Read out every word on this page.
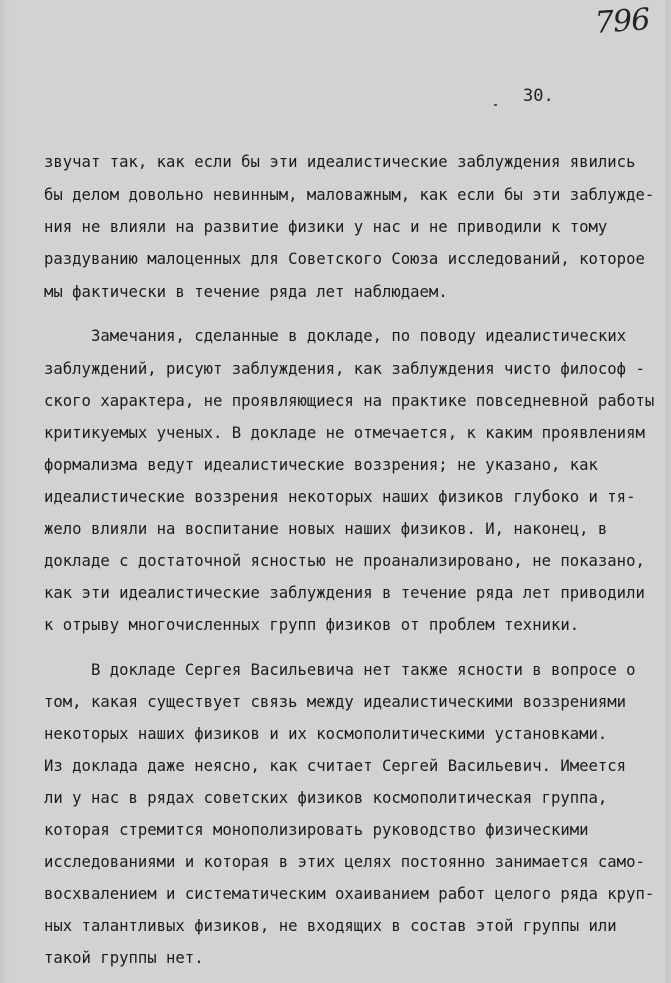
796
30.
звучат так, как если бы эти идеалистические заблуждения явились
бы делом довольно невинным, маловажным, как если бы эти заблужде-
ния не влияли на развитие физики у нас и не приводили к тому
раздуванию малоценных для Советского Союза исследований, которое
мы фактически в течение ряда лет наблюдаем.
Замечания, сделанные в докладе, по поводу идеалистических
заблуждений, рисуют заблуждения, как заблуждения чисто философ -
ского характера, не проявляющиеся на практике повседневной работы
критикуемых ученых. В докладе не отмечается, к каким проявлениям
формализма ведут идеалистические воззрения; не указано, как
идеалистические воззрения некоторых наших физиков глубоко и тя-
жело влияли на воспитание новых наших физиков. И, наконец, в
докладе с достаточной ясностью не проанализировано, не показано,
как эти идеалистические заблуждения в течение ряда лет приводили
к отрыву многочисленных групп физиков от проблем техники.
В докладе Сергея Васильевича нет также ясности в вопросе о
том, какая существует связь между идеалистическими воззрениями
некоторых наших физиков и их космополитическими установками.
Из доклада даже неясно, как считает Сергей Васильевич. Имеется
ли у нас в рядах советских физиков космополитическая группа,
которая стремится монополизировать руководство физическими
исследованиями и которая в этих целях постоянно занимается само-
восхвалением и систематическим охаиванием работ целого ряда круп-
ных талантливых физиков, не входящих в состав этой группы или
такой группы нет.
